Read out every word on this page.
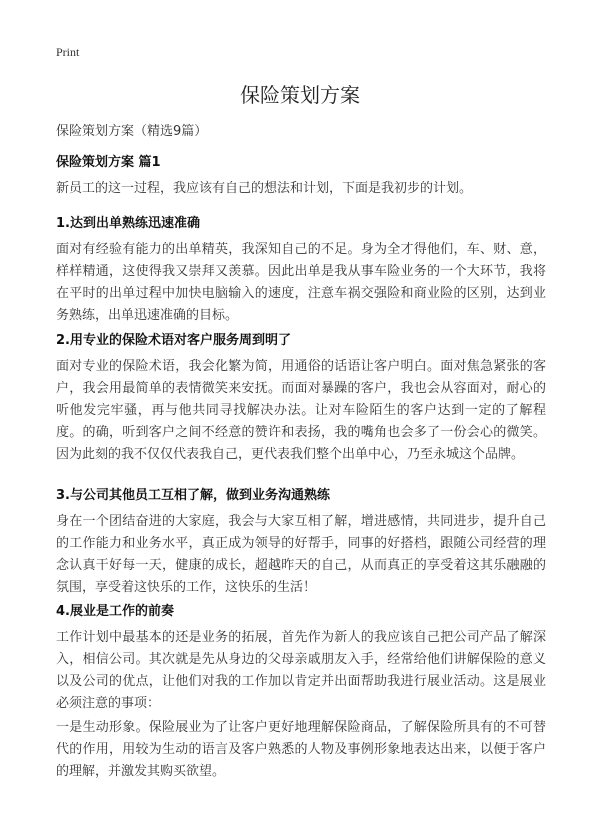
Print
保险策划方案
保险策划方案（精选9篇）
保险策划方案 篇1
新员工的这一过程，我应该有自己的想法和计划，下面是我初步的计划。
1.达到出单熟练迅速准确
面对有经验有能力的出单精英，我深知自己的不足。身为全才得他们，车、财、意，样样精通，这使得我又崇拜又羡慕。因此出单是我从事车险业务的一个大环节，我将在平时的出单过程中加快电脑输入的速度，注意车祸交强险和商业险的区别，达到业务熟练，出单迅速准确的目标。
2.用专业的保险术语对客户服务周到明了
面对专业的保险术语，我会化繁为简，用通俗的话语让客户明白。面对焦急紧张的客户，我会用最简单的表情微笑来安抚。而面对暴躁的客户，我也会从容面对，耐心的听他发完牢骚，再与他共同寻找解决办法。让对车险陌生的客户达到一定的了解程度。的确，听到客户之间不经意的赞许和表扬，我的嘴角也会多了一份会心的微笑。因为此刻的我不仅仅代表我自己，更代表我们整个出单中心，乃至永城这个品牌。
3.与公司其他员工互相了解，做到业务沟通熟练
身在一个团结奋进的大家庭，我会与大家互相了解，增进感情，共同进步，提升自己的工作能力和业务水平，真正成为领导的好帮手，同事的好搭档，跟随公司经营的理念认真干好每一天，健康的成长，超越昨天的自己，从而真正的享受着这其乐融融的氛围，享受着这快乐的工作，这快乐的生活！
4.展业是工作的前奏
工作计划中最基本的还是业务的拓展，首先作为新人的我应该自己把公司产品了解深入，相信公司。其次就是先从身边的父母亲戚朋友入手，经常给他们讲解保险的意义以及公司的优点，让他们对我的工作加以肯定并出面帮助我进行展业活动。这是展业必须注意的事项：
一是生动形象。保险展业为了让客户更好地理解保险商品，了解保险所具有的不可替代的作用，用较为生动的语言及客户熟悉的人物及事例形象地表达出来，以便于客户的理解，并激发其购买欲望。
